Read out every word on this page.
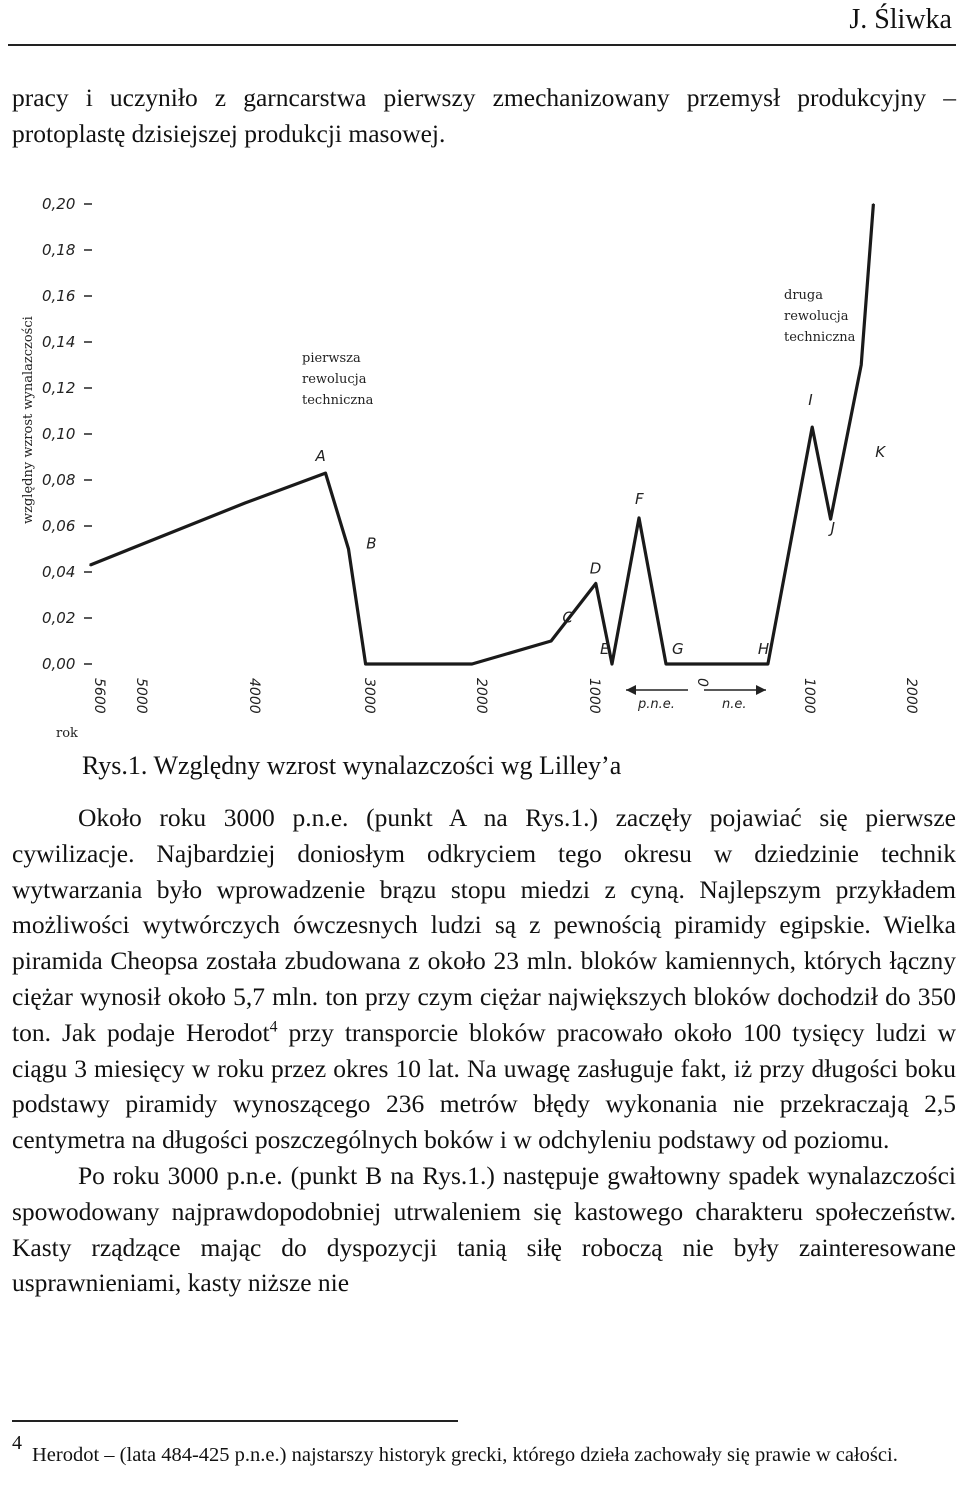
J. Śliwka

pracy i uczyniło z garncarstwa pierwszy zmechanizowany przemysł produkcyjny – protoplastę dzisiejszej produkcji masowej.

0,20
0,18
0,16
0,14
0,12
0,10
0,08
0,06
0,04
0,02
0,00
względny wzrost wynalazczości
5600 5000	4000	3000	2000	1000	0	1000	2000
rok
p.n.e.	n.e.
A
B
C
D
E
F
G	H
I
J
K
pierwsza
rewolucja
techniczna
druga
rewolucja
techniczna
Rys.1. Względny wzrost wynalazczości wg Lilley’a

Około roku 3000 p.n.e. (punkt A na Rys.1.) zaczęły pojawiać się pierwsze cywilizacje. Najbardziej doniosłym odkryciem tego okresu w dziedzinie technik wytwarzania było wprowadzenie brązu stopu miedzi z cyną. Najlepszym przykładem możliwości wytwórczych ówczesnych ludzi są z pewnością piramidy egipskie. Wielka piramida Cheopsa została zbudowana z około 23 mln. bloków kamiennych, których łączny ciężar wynosił około 5,7 mln. ton przy czym ciężar największych bloków dochodził do 350 ton. Jak podaje Herodot$^4$ przy transporcie bloków pracowało około 100 tysięcy ludzi w ciągu 3 miesięcy w roku przez okres 10 lat. Na uwagę zasługuje fakt, iż przy długości boku podstawy piramidy wynoszącego 236 metrów błędy wykonania nie przekraczają 2,5 centymetra na długości poszczególnych boków i w odchyleniu podstawy od poziomu.
Po roku 3000 p.n.e. (punkt B na Rys.1.) następuje gwałtowny spadek wynalazczości spowodowany najprawdopodobniej utrwaleniem się kastowego charakteru społeczeństw. Kasty rządzące mając do dyspozycji tanią siłę roboczą nie były zainteresowane usprawnieniami, kasty niższe nie

4Herodot – (lata 484-425 p.n.e.) najstarszy historyk grecki, którego dzieła zachowały się prawie w całości.
